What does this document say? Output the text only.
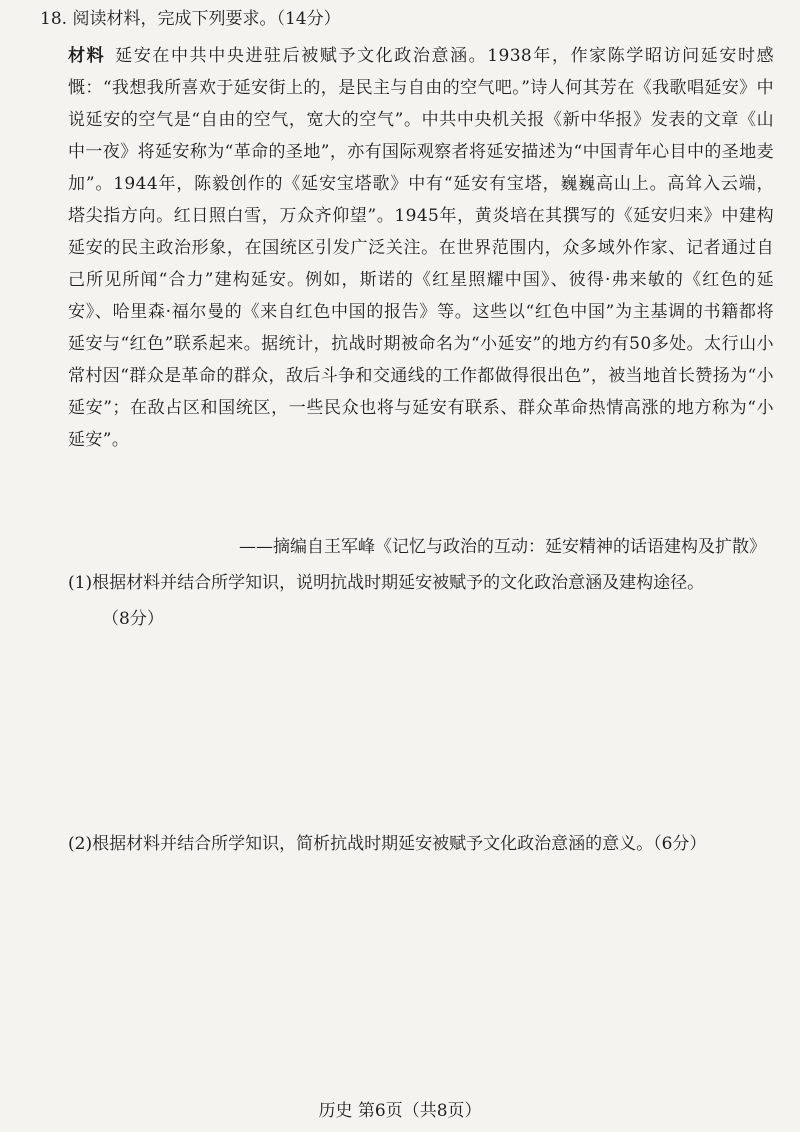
18. 阅读材料，完成下列要求。（14分）
材料 延安在中共中央进驻后被赋予文化政治意涵。1938年，作家陈学昭访问延安时感慨：“我想我所喜欢于延安街上的，是民主与自由的空气吧。”诗人何其芳在《我歌唱延安》中说延安的空气是“自由的空气，宽大的空气”。中共中央机关报《新中华报》发表的文章《山中一夜》将延安称为“革命的圣地”，亦有国际观察者将延安描述为“中国青年心目中的圣地麦加”。1944年，陈毅创作的《延安宝塔歌》中有“延安有宝塔，巍巍高山上。高耸入云端，塔尖指方向。红日照白雪，万众齐仰望”。1945年，黄炎培在其撰写的《延安归来》中建构延安的民主政治形象，在国统区引发广泛关注。在世界范围内，众多域外作家、记者通过自己所见所闻“合力”建构延安。例如，斯诺的《红星照耀中国》、彼得·弗来敏的《红色的延安》、哈里森·福尔曼的《来自红色中国的报告》等。这些以“红色中国”为主基调的书籍都将延安与“红色”联系起来。据统计，抗战时期被命名为“小延安”的地方约有50多处。太行山小常村因“群众是革命的群众，敌后斗争和交通线的工作都做得很出色”，被当地首长赞扬为“小延安”；在敌占区和国统区，一些民众也将与延安有联系、群众革命热情高涨的地方称为“小延安”。
——摘编自王军峰《记忆与政治的互动：延安精神的话语建构及扩散》
(1)根据材料并结合所学知识，说明抗战时期延安被赋予的文化政治意涵及建构途径。
（8分）
(2)根据材料并结合所学知识，简析抗战时期延安被赋予文化政治意涵的意义。（6分）
历史 第6页（共8页）
